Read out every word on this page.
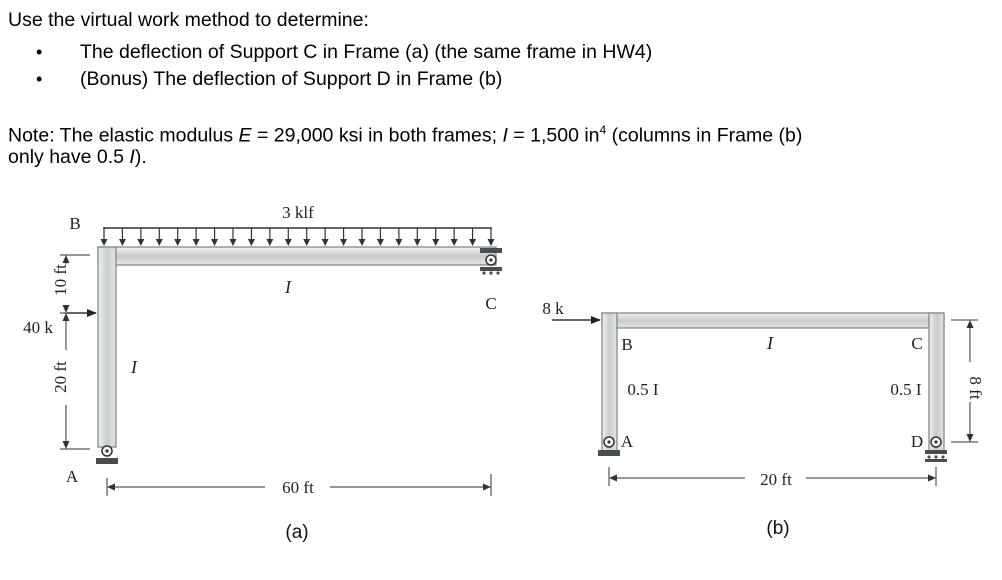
Use the virtual work method to determine:
• The deflection of Support C in Frame (a) (the same frame in HW4)
• (Bonus) The deflection of Support D in Frame (b)
Note: The elastic modulus E = 29,000 ksi in both frames; I = 1,500 $in^4$ (columns in Frame (b)
only have 0.5 I).
3 klf
B
A
C
I
I
40 k
10 ft
20 ft
60 ft
(a)
8 k
B
A
C
D
I
0.5 I	0.5 I
20 ft
8 ft
(b)
